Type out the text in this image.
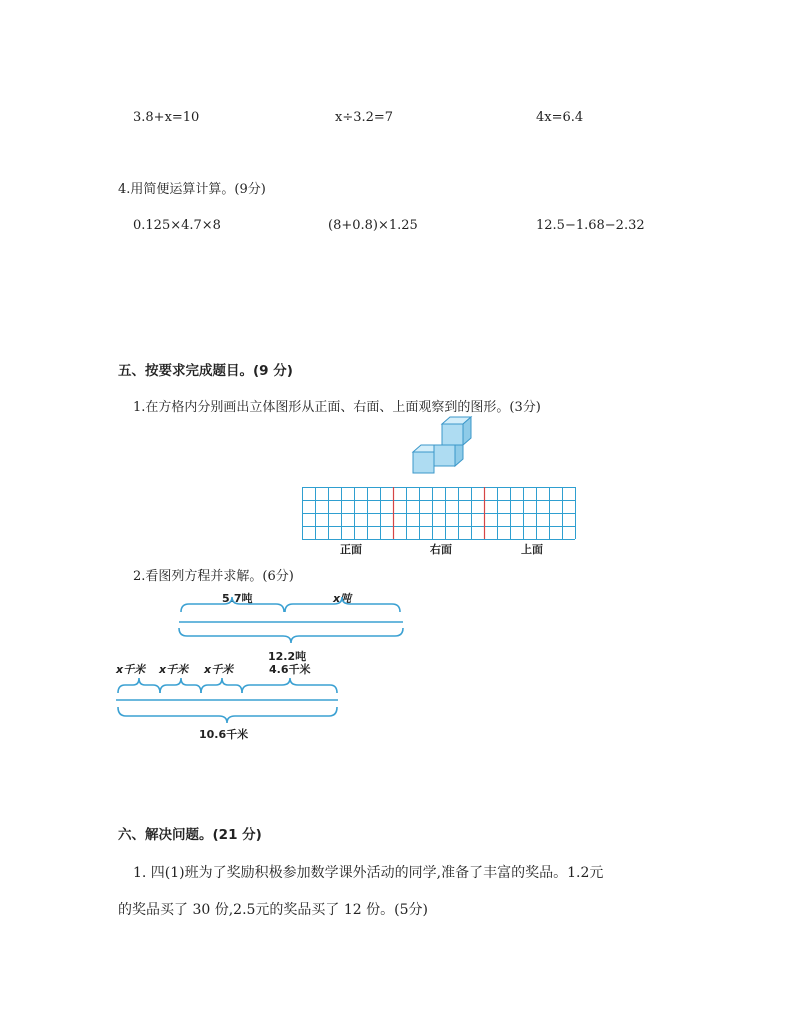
3.8+x=10	x÷3.2=7	4x=6.4
4.用简便运算计算。(9分)
0.125×4.7×8	(8+0.8)×1.25	12.5−1.68−2.32
五、按要求完成题目。(9 分)
1.在方格内分别画出立体图形从正面、右面、上面观察到的图形。(3分)
正面	右面	上面
2.看图列方程并求解。(6分)
5.7吨	x吨
12.2吨
x千米 x千米 x千米	4.6千米
10.6千米
六、解决问题。(21 分)
1. 四(1)班为了奖励积极参加数学课外活动的同学,准备了丰富的奖品。1.2元
的奖品买了 30 份,2.5元的奖品买了 12 份。(5分)
